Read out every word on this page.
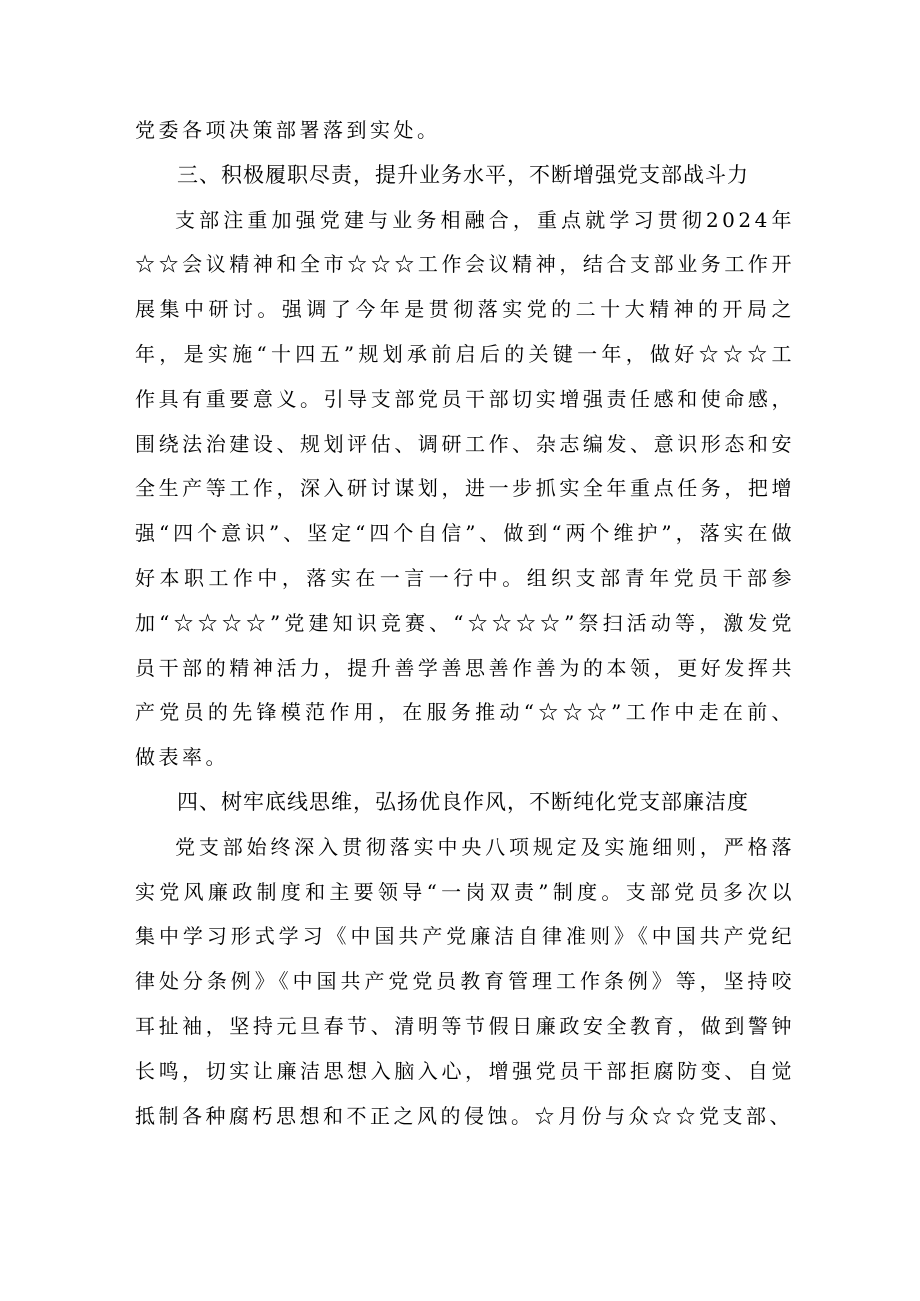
党委各项决策部署落到实处。

三、积极履职尽责，提升业务水平，不断增强党支部战斗力

支部注重加强党建与业务相融合，重点就学习贯彻2024年☆☆会议精神和全市☆☆☆工作会议精神，结合支部业务工作开展集中研讨。强调了今年是贯彻落实党的二十大精神的开局之年，是实施“十四五”规划承前启后的关键一年，做好☆☆☆工作具有重要意义。引导支部党员干部切实增强责任感和使命感，围绕法治建设、规划评估、调研工作、杂志编发、意识形态和安全生产等工作，深入研讨谋划，进一步抓实全年重点任务，把增强“四个意识”、坚定“四个自信”、做到“两个维护”，落实在做好本职工作中，落实在一言一行中。组织支部青年党员干部参加“☆☆☆☆”党建知识竞赛、“☆☆☆☆”祭扫活动等，激发党员干部的精神活力，提升善学善思善作善为的本领，更好发挥共产党员的先锋模范作用，在服务推动“☆☆☆”工作中走在前、做表率。

四、树牢底线思维，弘扬优良作风，不断纯化党支部廉洁度

党支部始终深入贯彻落实中央八项规定及实施细则，严格落实党风廉政制度和主要领导“一岗双责”制度。支部党员多次以集中学习形式学习《中国共产党廉洁自律准则》《中国共产党纪律处分条例》《中国共产党党员教育管理工作条例》等，坚持咬耳扯袖，坚持元旦春节、清明等节假日廉政安全教育，做到警钟长鸣，切实让廉洁思想入脑入心，增强党员干部拒腐防变、自觉抵制各种腐朽思想和不正之风的侵蚀。☆月份与众☆☆党支部、
